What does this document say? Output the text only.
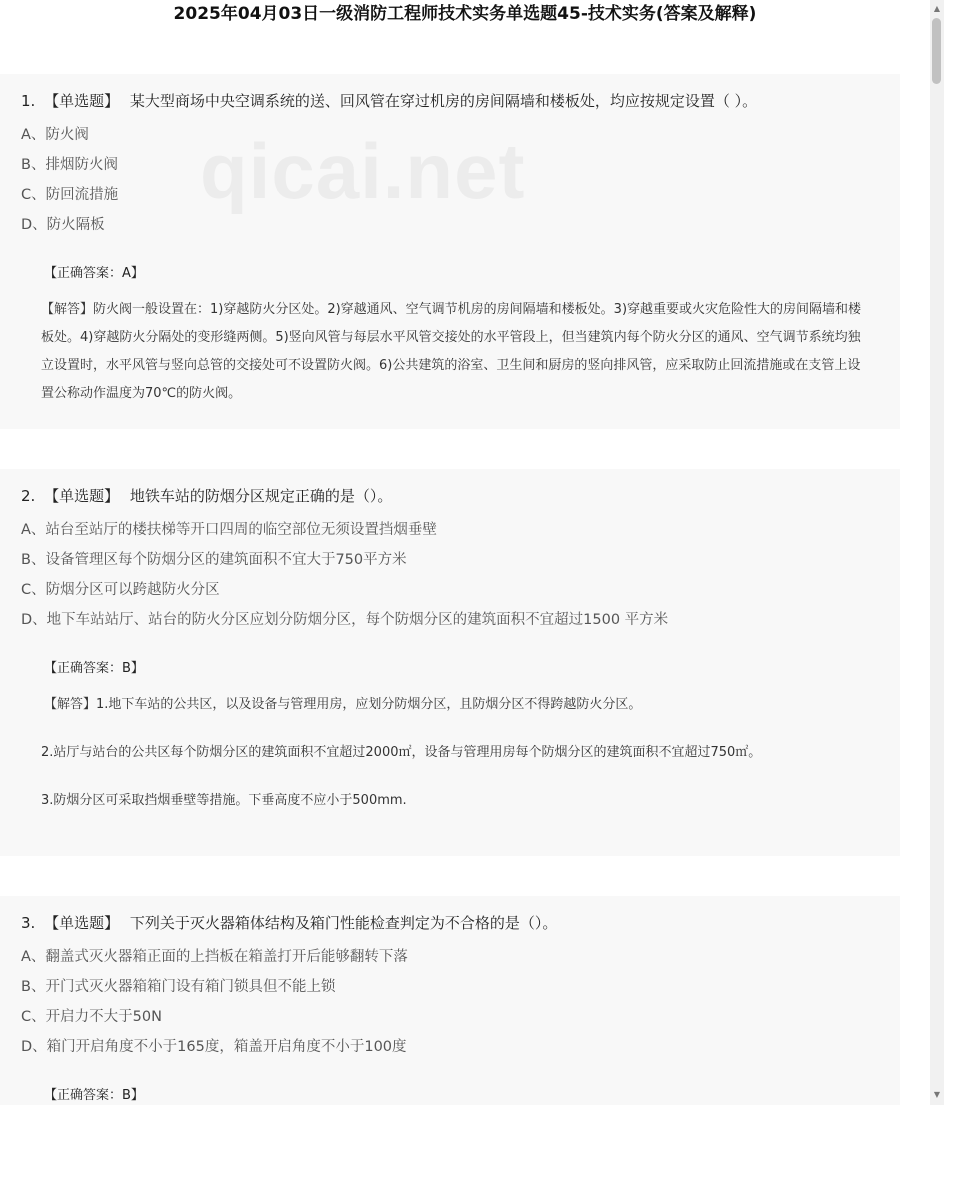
2025年04月03日一级消防工程师技术实务单选题45-技术实务(答案及解释)
1. 【单选题】 某大型商场中央空调系统的送、回风管在穿过机房的房间隔墙和楼板处，均应按规定设置（ ）。
A、防火阀
B、排烟防火阀
C、防回流措施
D、防火隔板
【正确答案：A】
【解答】防火阀一般设置在：1)穿越防火分区处。2)穿越通风、空气调节机房的房间隔墙和楼板处。3)穿越重要或火灾危险性大的房间隔墙和楼板处。4)穿越防火分隔处的变形缝两侧。5)竖向风管与每层水平风管交接处的水平管段上，但当建筑内每个防火分区的通风、空气调节系统均独立设置时，水平风管与竖向总管的交接处可不设置防火阀。6)公共建筑的浴室、卫生间和厨房的竖向排风管，应采取防止回流措施或在支管上设置公称动作温度为70℃的防火阀。
2. 【单选题】 地铁车站的防烟分区规定正确的是（）。
A、站台至站厅的楼扶梯等开口四周的临空部位无须设置挡烟垂壁
B、设备管理区每个防烟分区的建筑面积不宜大于750平方米
C、防烟分区可以跨越防火分区
D、地下车站站厅、站台的防火分区应划分防烟分区，每个防烟分区的建筑面积不宜超过1500 平方米
【正确答案：B】
【解答】1.地下车站的公共区，以及设备与管理用房，应划分防烟分区，且防烟分区不得跨越防火分区。
2.站厅与站台的公共区每个防烟分区的建筑面积不宜超过2000㎡，设备与管理用房每个防烟分区的建筑面积不宜超过750㎡。
3.防烟分区可采取挡烟垂壁等措施。下垂高度不应小于500mm.
3. 【单选题】 下列关于灭火器箱体结构及箱门性能检查判定为不合格的是（）。
A、翻盖式灭火器箱正面的上挡板在箱盖打开后能够翻转下落
B、开门式灭火器箱箱门设有箱门锁具但不能上锁
C、开启力不大于50N
D、箱门开启角度不小于165度，箱盖开启角度不小于100度
【正确答案：B】
qicai.net
▲
▼
